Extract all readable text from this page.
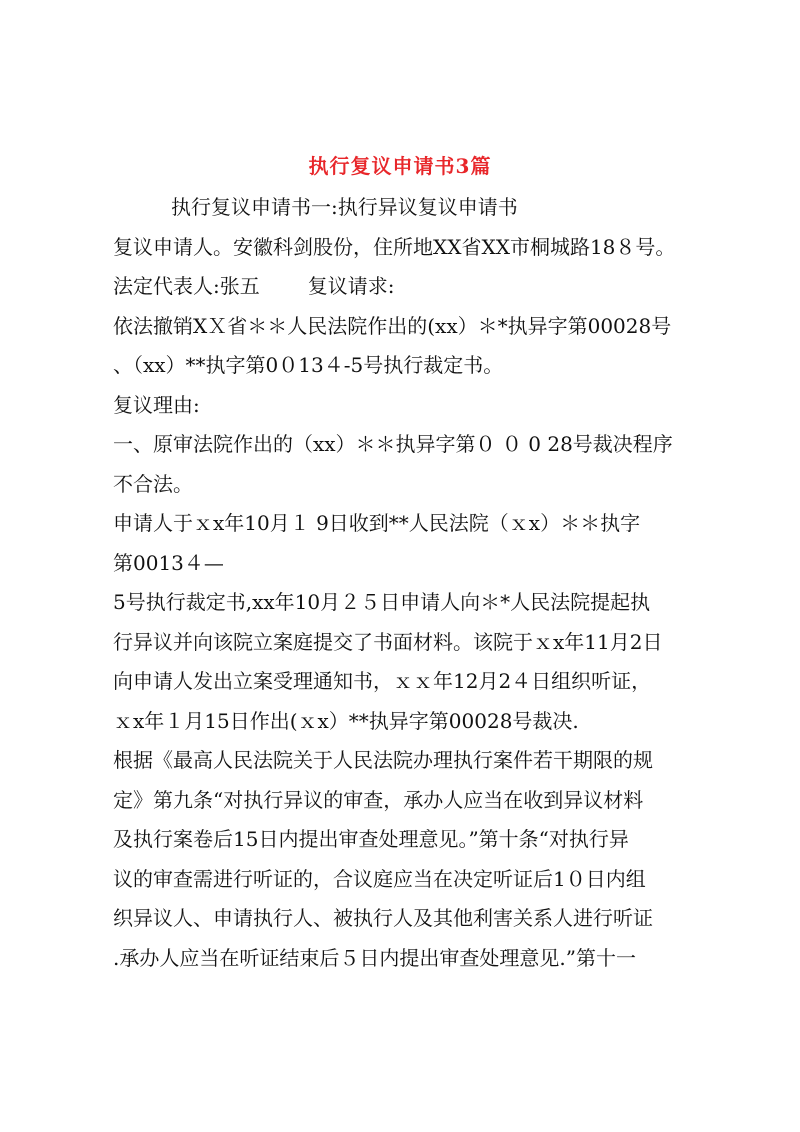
执行复议申请书3篇
执行复议申请书一:执行异议复议申请书
复议申请人。安徽科剑股份，住所地XX省XX市桐城路18８号。
法定代表人:张五 复议请求:
依法撤销XＸ省＊＊人民法院作出的(xx）＊*执异字第00028号
、（xx）**执字第0０13４-5号执行裁定书。
复议理由:
一、原审法院作出的（xx）＊＊执异字第０ ０ 0 28号裁决程序
不合法。
申请人于ｘx年10月１ 9日收到**人民法院（ｘx）＊＊执字
第0013４—
5号执行裁定书,xx年10月２５日申请人向＊*人民法院提起执
行异议并向该院立案庭提交了书面材料。该院于ｘx年11月2日
向申请人发出立案受理通知书，ｘｘ年12月2４日组织听证，
ｘx年１月15日作出(ｘx）**执异字第00028号裁决.
根据《最高人民法院关于人民法院办理执行案件若干期限的规
定》第九条“对执行异议的审查，承办人应当在收到异议材料
及执行案卷后15日内提出审查处理意见。”第十条“对执行异
议的审查需进行听证的，合议庭应当在决定听证后1０日内组
织异议人、申请执行人、被执行人及其他利害关系人进行听证
.承办人应当在听证结束后５日内提出审查处理意见.”第十一
